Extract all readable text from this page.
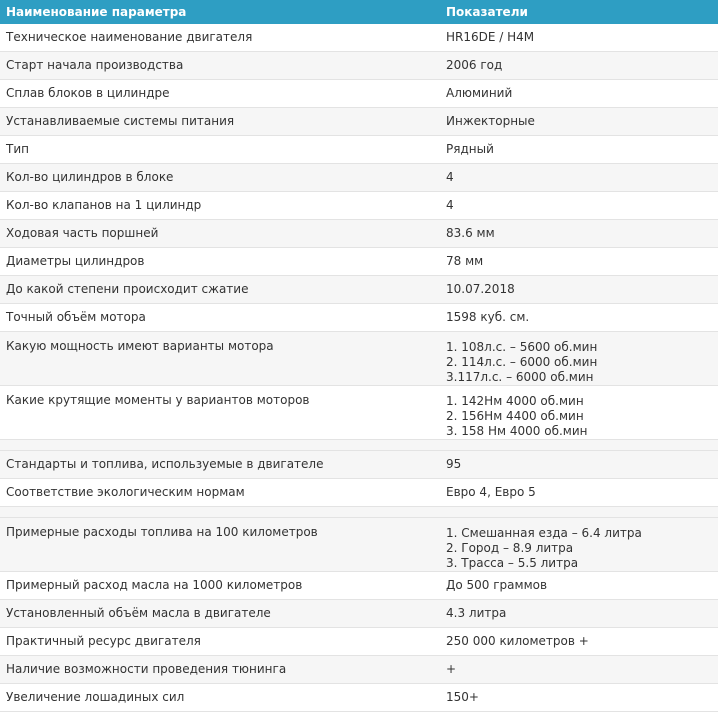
Наименование параметра	Показатели
Техническое наименование двигателя	HR16DE / H4M

Старт начала производства	2006 год

Сплав блоков в цилиндре	Алюминий

Устанавливаемые системы питания	Инжекторные

Тип	Рядный

Кол-во цилиндров в блоке	4

Кол-во клапанов на 1 цилиндр	4

Ходовая часть поршней	83.6 мм

Диаметры цилиндров	78 мм

До какой степени происходит сжатие	10.07.2018

Точный объём мотора	1598 куб. см.

Какую мощность имеют варианты мотора	1. 108л.с. – 5600 об.мин
2. 114л.с. – 6000 об.мин
3.117л.с. – 6000 об.мин

Какие крутящие моменты у вариантов моторов	1. 142Нм 4000 об.мин
2. 156Нм 4400 об.мин
3. 158 Нм 4000 об.мин

Стандарты и топлива, используемые в двигателе	95

Соответствие экологическим нормам	Евро 4, Евро 5

Примерные расходы топлива на 100 километров	1. Смешанная езда – 6.4 литра
2. Город – 8.9 литра
3. Трасса – 5.5 литра

Примерный расход масла на 1000 километров	До 500 граммов

Установленный объём масла в двигателе	4.3 литра

Практичный ресурс двигателя	250 000 километров +

Наличие возможности проведения тюнинга	+

Увеличение лошадиных сил	150+
